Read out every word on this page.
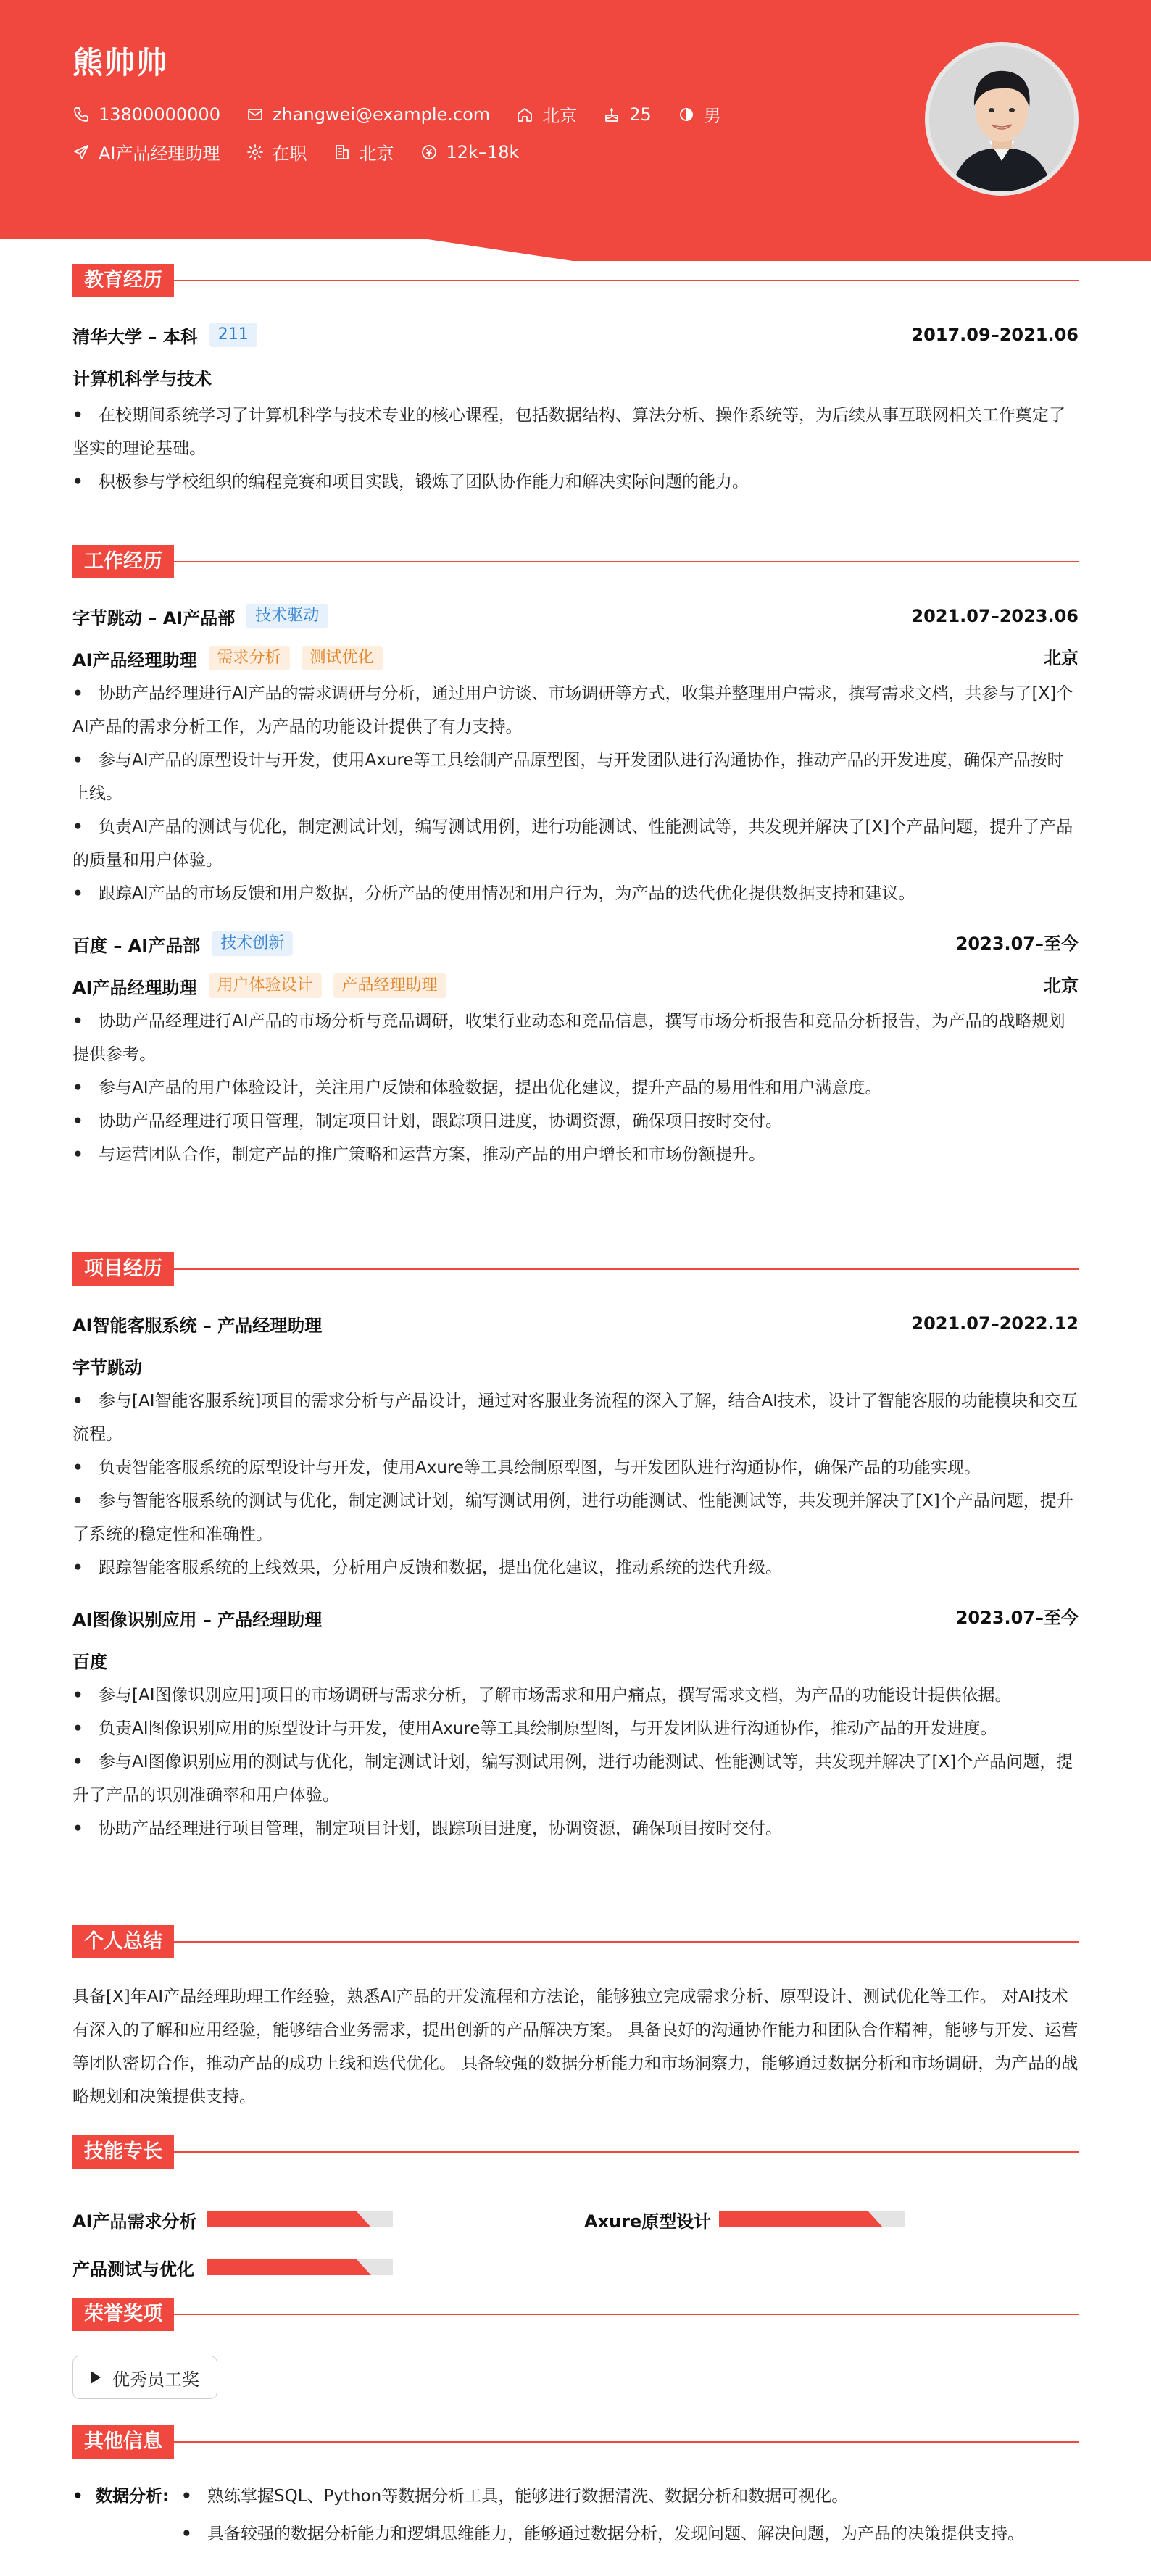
熊帅帅
13800000000	zhangwei@example.com	北京	25	男
AI产品经理助理	在职	北京	12k–18k
教育经历
清华大学 – 本科	211	2017.09–2021.06
计算机科学与技术
• 在校期间系统学习了计算机科学与技术专业的核心课程，包括数据结构、算法分析、操作系统等，为后续从事互联网相关工作奠定了坚实的理论基础。
• 积极参与学校组织的编程竞赛和项目实践，锻炼了团队协作能力和解决实际问题的能力。
工作经历
字节跳动 – AI产品部	技术驱动	2021.07–2023.06
AI产品经理助理	需求分析	测试优化	北京
• 协助产品经理进行AI产品的需求调研与分析，通过用户访谈、市场调研等方式，收集并整理用户需求，撰写需求文档，共参与了[X]个AI产品的需求分析工作，为产品的功能设计提供了有力支持。
• 参与AI产品的原型设计与开发，使用Axure等工具绘制产品原型图，与开发团队进行沟通协作，推动产品的开发进度，确保产品按时上线。
• 负责AI产品的测试与优化，制定测试计划，编写测试用例，进行功能测试、性能测试等，共发现并解决了[X]个产品问题，提升了产品的质量和用户体验。
• 跟踪AI产品的市场反馈和用户数据，分析产品的使用情况和用户行为，为产品的迭代优化提供数据支持和建议。
百度 – AI产品部	技术创新	2023.07–至今
AI产品经理助理	用户体验设计	产品经理助理	北京
• 协助产品经理进行AI产品的市场分析与竞品调研，收集行业动态和竞品信息，撰写市场分析报告和竞品分析报告，为产品的战略规划提供参考。
• 参与AI产品的用户体验设计，关注用户反馈和体验数据，提出优化建议，提升产品的易用性和用户满意度。
• 协助产品经理进行项目管理，制定项目计划，跟踪项目进度，协调资源，确保项目按时交付。
• 与运营团队合作，制定产品的推广策略和运营方案，推动产品的用户增长和市场份额提升。
项目经历
AI智能客服系统 – 产品经理助理	2021.07–2022.12
字节跳动
• 参与[AI智能客服系统]项目的需求分析与产品设计，通过对客服业务流程的深入了解，结合AI技术，设计了智能客服的功能模块和交互流程。
• 负责智能客服系统的原型设计与开发，使用Axure等工具绘制原型图，与开发团队进行沟通协作，确保产品的功能实现。
• 参与智能客服系统的测试与优化，制定测试计划，编写测试用例，进行功能测试、性能测试等，共发现并解决了[X]个产品问题，提升了系统的稳定性和准确性。
• 跟踪智能客服系统的上线效果，分析用户反馈和数据，提出优化建议，推动系统的迭代升级。
AI图像识别应用 – 产品经理助理	2023.07–至今
百度
• 参与[AI图像识别应用]项目的市场调研与需求分析，了解市场需求和用户痛点，撰写需求文档，为产品的功能设计提供依据。
• 负责AI图像识别应用的原型设计与开发，使用Axure等工具绘制原型图，与开发团队进行沟通协作，推动产品的开发进度。
• 参与AI图像识别应用的测试与优化，制定测试计划，编写测试用例，进行功能测试、性能测试等，共发现并解决了[X]个产品问题，提升了产品的识别准确率和用户体验。
• 协助产品经理进行项目管理，制定项目计划，跟踪项目进度，协调资源，确保项目按时交付。
个人总结
具备[X]年AI产品经理助理工作经验，熟悉AI产品的开发流程和方法论，能够独立完成需求分析、原型设计、测试优化等工作。 对AI技术有深入的了解和应用经验，能够结合业务需求，提出创新的产品解决方案。 具备良好的沟通协作能力和团队合作精神，能够与开发、运营等团队密切合作，推动产品的成功上线和迭代优化。 具备较强的数据分析能力和市场洞察力，能够通过数据分析和市场调研，为产品的战略规划和决策提供支持。
技能专长
AI产品需求分析	Axure原型设计
产品测试与优化
荣誉奖项
优秀员工奖
其他信息
• 数据分析: • 熟练掌握SQL、Python等数据分析工具，能够进行数据清洗、数据分析和数据可视化。
• 具备较强的数据分析能力和逻辑思维能力，能够通过数据分析，发现问题、解决问题，为产品的决策提供支持。
